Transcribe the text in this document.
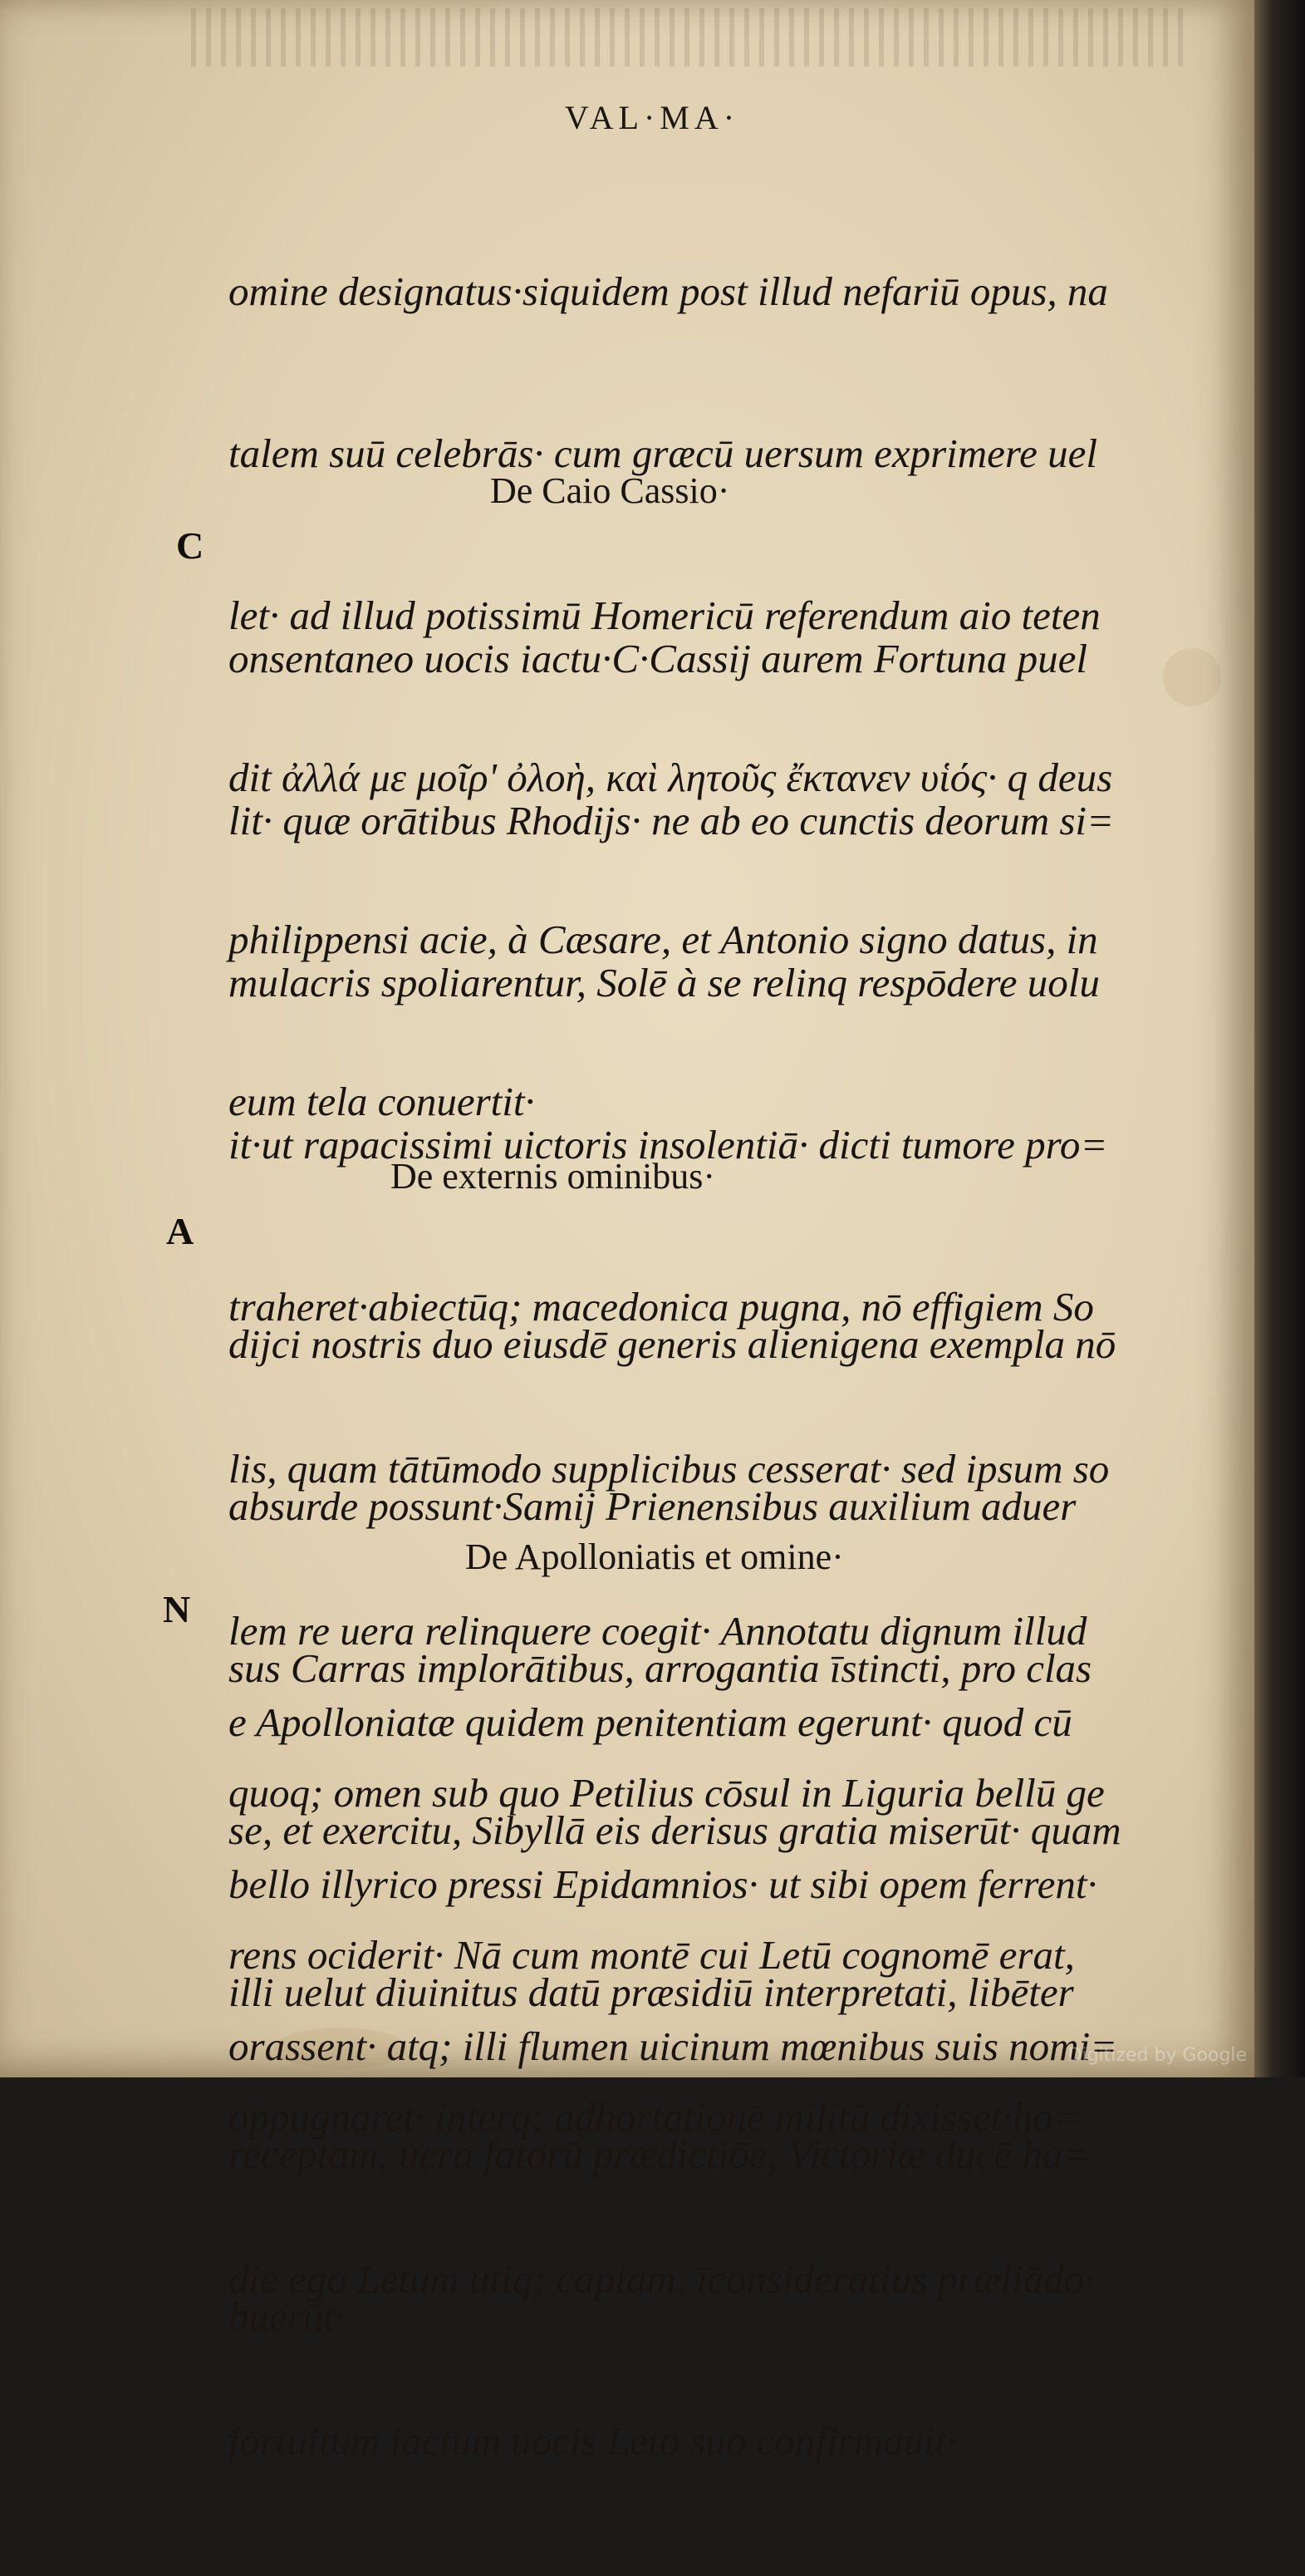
VAL·MA·

omine designatus·siquidem post illud nefariū opus, na

talem suū celebrās· cum græcū uersum exprimere uel

let· ad illud potissimū Homericū referendum aio teten

dit ἀλλά με μοῖρ' ὀλοὴ, καὶ λητοῦς ἔκτανεν υἱός· q deus

philippensi acie, à Cæsare, et Antonio signo datus, in

eum tela conuertit·

De Caio Cassio·
C

onsentaneo uocis iactu·C·Cassij aurem Fortuna puel

lit· quæ orātibus Rhodijs· ne ab eo cunctis deorum si=

mulacris spoliarentur, Solē à se relinq respōdere uolu

it·ut rapacissimi uictoris insolentiā· dicti tumore pro=

traheret·abiectūq; macedonica pugna, nō effigiem So

lis, quam tātūmodo supplicibus cesserat· sed ipsum so

lem re uera relinquere coegit· Annotatu dignum illud

quoq; omen sub quo Petilius cōsul in Liguria bellū ge

rens ociderit· Nā cum montē cui Letū cognomē erat,

oppugnaret· interq; adhortationē militū dixisset·ho=

die ego Letum utiq; capiam, īconsideratius præliādo·

fortuitum iactum uocis Leto suo confirmauit·

De externis ominibus·
A

dijci nostris duo eiusdē generis alienigena exempla nō

absurde possunt·Samij Prienensibus auxilium aduer

sus Carras implorātibus, arrogantia īstincti, pro clas

se, et exercitu, Sibyllā eis derisus gratia miserūt· quam

illi uelut diuinitus datū præsidiū interpretati, libēter

receptam, uera fatorū prædictiōe, Victoriæ ducē ha=

buerūt·

De Apolloniatis et omine·
N

e Apolloniatæ quidem penitentiam egerunt· quod cū

bello illyrico pressi Epidamnios· ut sibi opem ferrent·

orassent· atq; illi flumen uicinum mœnibus suis nomi=

Digitized by Google
